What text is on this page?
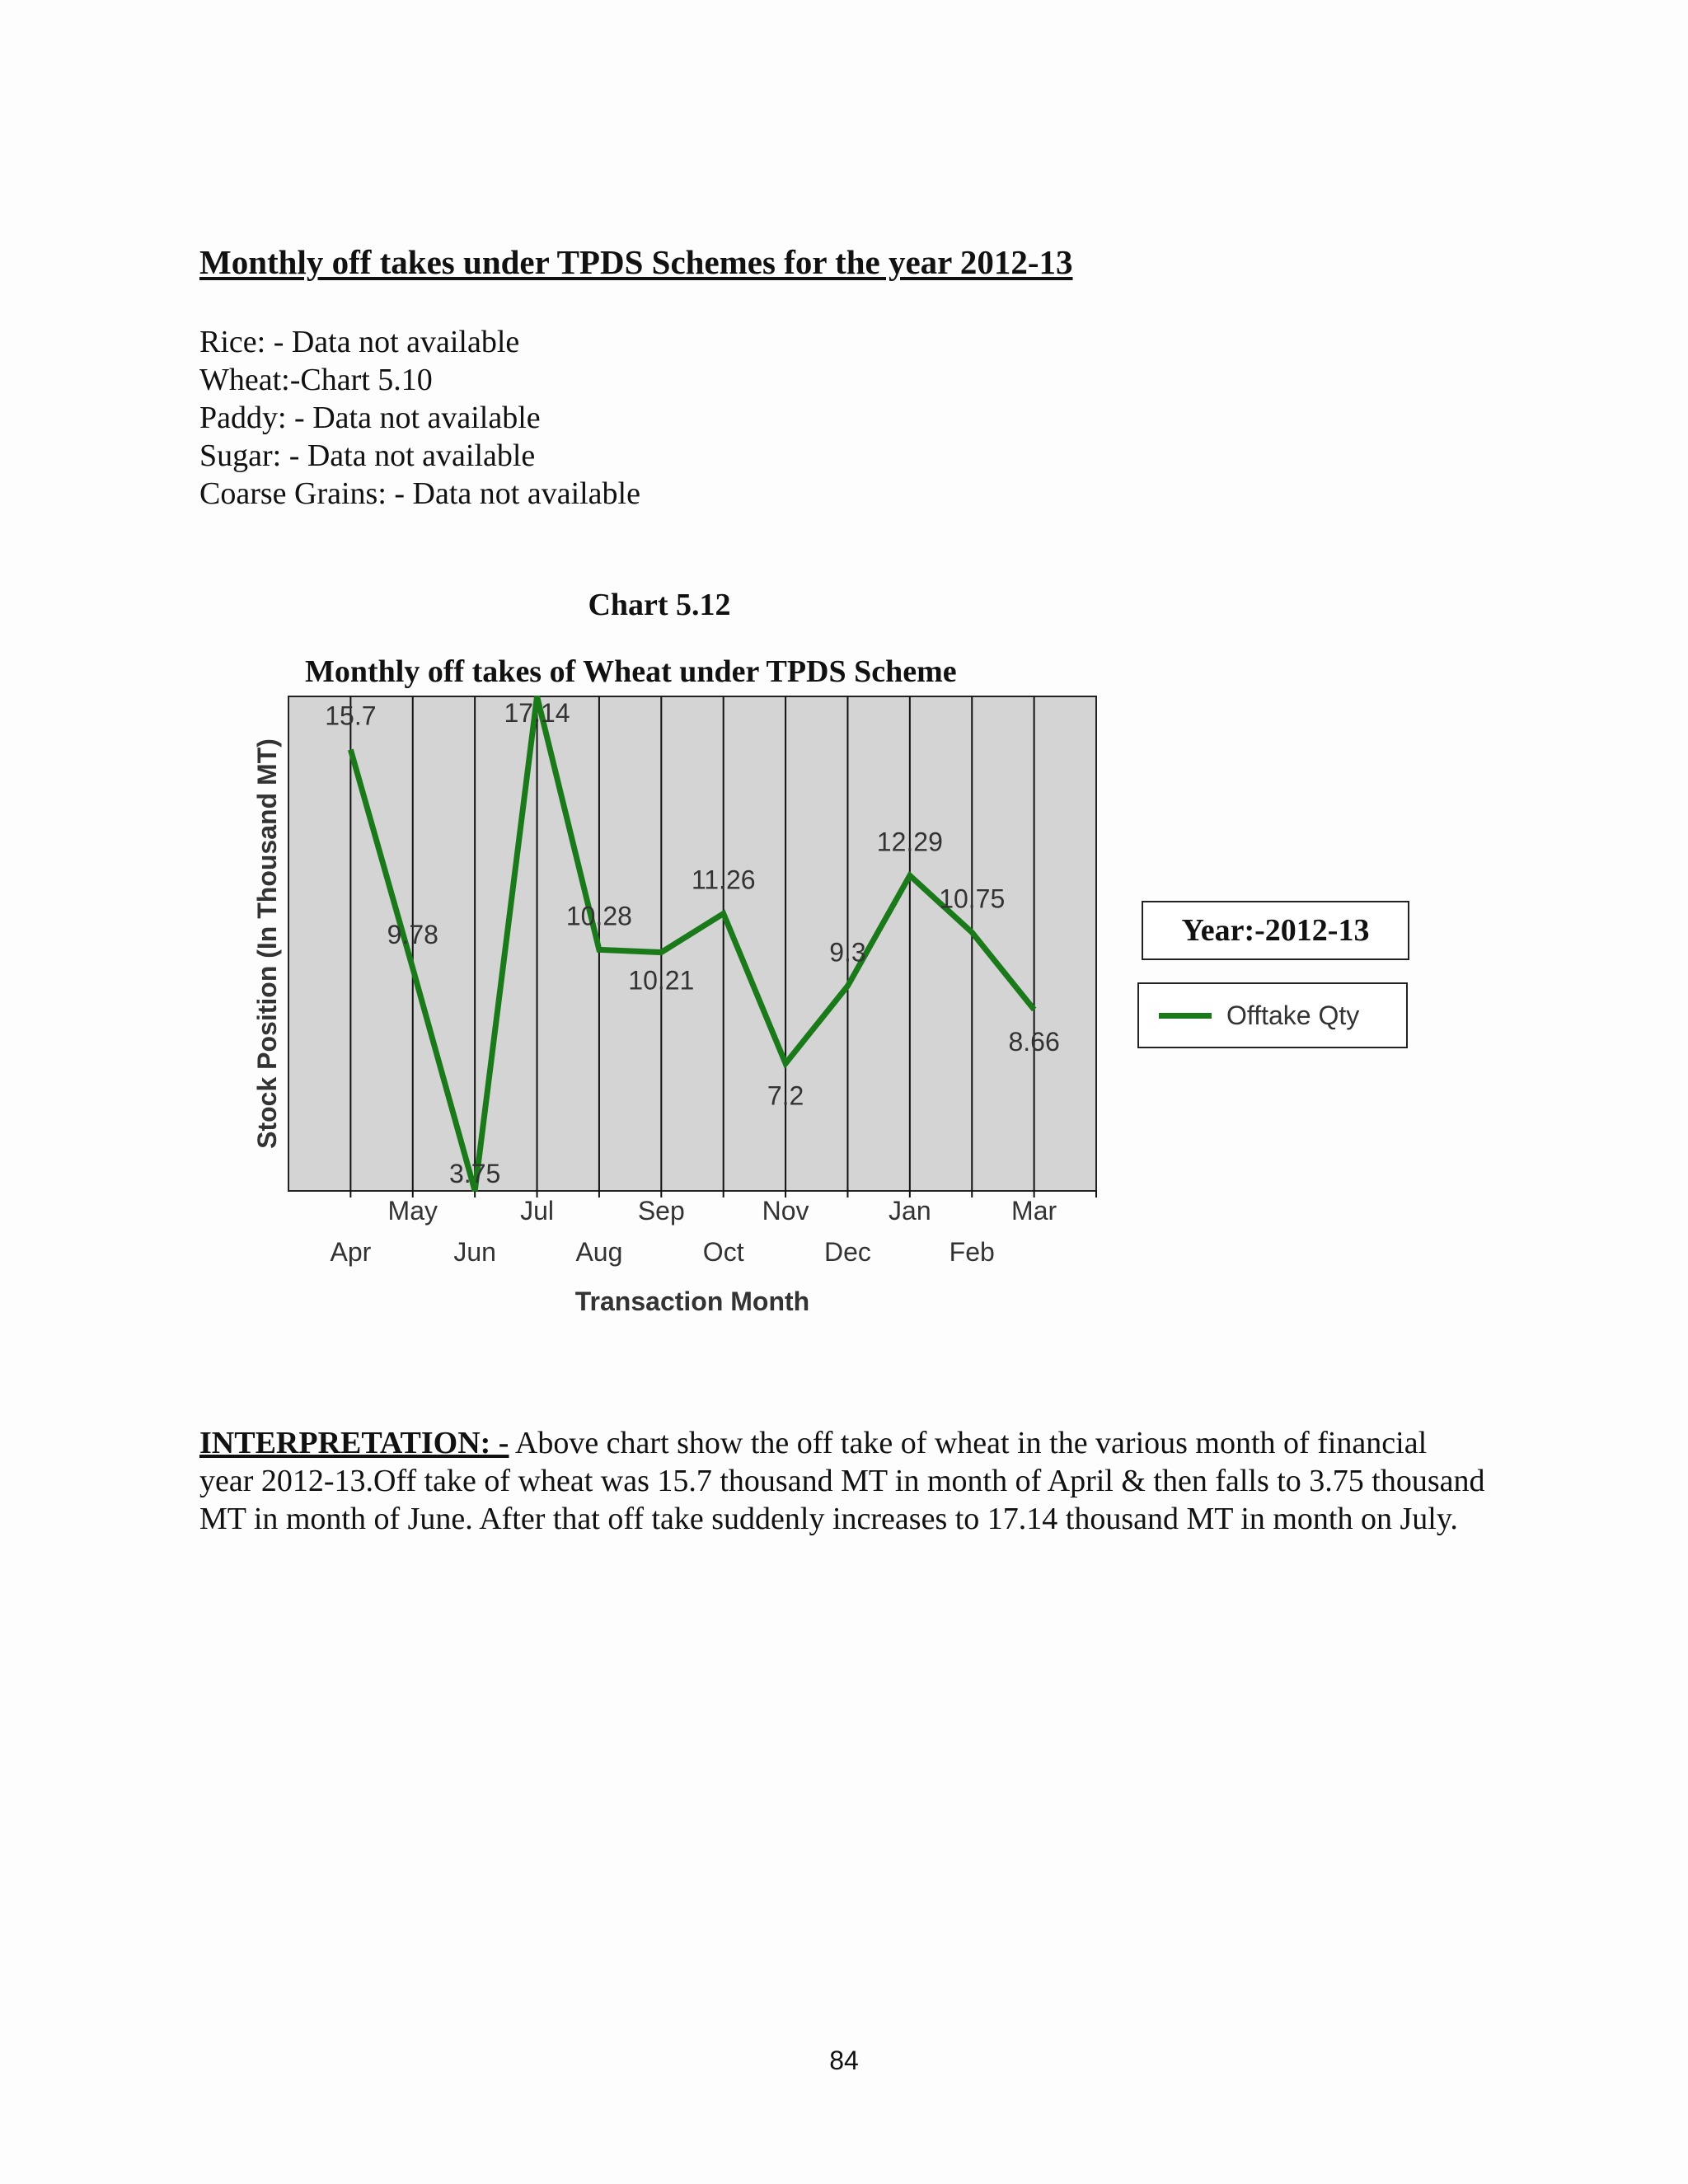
Monthly off takes under TPDS Schemes for the year 2012-13
Rice: - Data not available
Wheat:-Chart 5.10
Paddy: - Data not available
Sugar: - Data not available
Coarse Grains: - Data not available
Chart 5.12
Monthly off takes of Wheat under TPDS Scheme
Apr
May
Jun
Jul
Aug
Sep
Oct
Nov
Dec
Jan
Feb
Mar
15.7
9.78
3.75
17.14
10.28
10.21
11.26
7.2
9.3
12.29
10.75
8.66
Transaction Month
Stock Position (In Thousand MT)	Year:-2012-13
Offtake Qty

INTERPRETATION: - Above chart show the off take of wheat in the various month of financial year 2012-13.Off take of wheat was 15.7 thousand MT in month of April & then falls to 3.75 thousand MT in month of June. After that off take suddenly increases to 17.14 thousand MT in month on July.

84
